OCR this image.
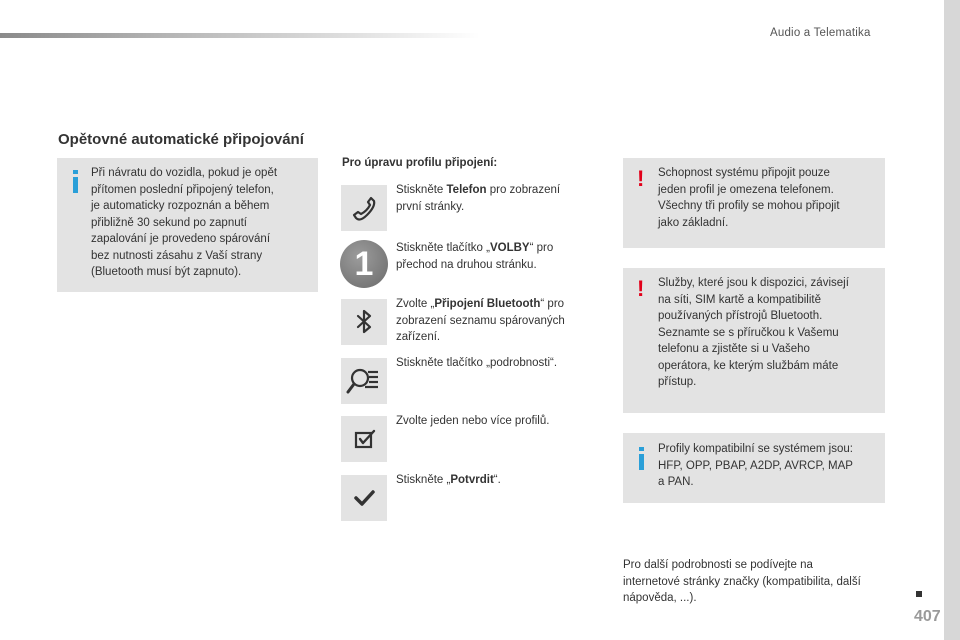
Audio a Telematika
Opětovné automatické připojování
Při návratu do vozidla, pokud je opět
přítomen poslední připojený telefon,
je automaticky rozpoznán a během
přibližně 30 sekund po zapnutí
zapalování je provedeno spárování
bez nutnosti zásahu z Vaší strany
(Bluetooth musí být zapnuto).
Pro úpravu profilu připojení:
Stiskněte Telefon pro zobrazení
první stránky.
1	Stiskněte tlačítko „VOLBY“ pro
přechod na druhou stránku.
Zvolte „Připojení Bluetooth“ pro
zobrazení seznamu spárovaných
zařízení.
Stiskněte tlačítko „podrobnosti“.
Zvolte jeden nebo více profilů.
Stiskněte „Potvrdit“.
! Schopnost systému připojit pouze
jeden profil je omezena telefonem.
Všechny tři profily se mohou připojit
jako základní.
! Služby, které jsou k dispozici, závisejí
na síti, SIM kartě a kompatibilitě
používaných přístrojů Bluetooth.
Seznamte se s příručkou k Vašemu
telefonu a zjistěte si u Vašeho
operátora, ke kterým službám máte
přístup.
Profily kompatibilní se systémem jsou:
HFP, OPP, PBAP, A2DP, AVRCP, MAP
a PAN.
Pro další podrobnosti se podívejte na
internetové stránky značky (kompatibilita, další
nápověda, ...).
407
